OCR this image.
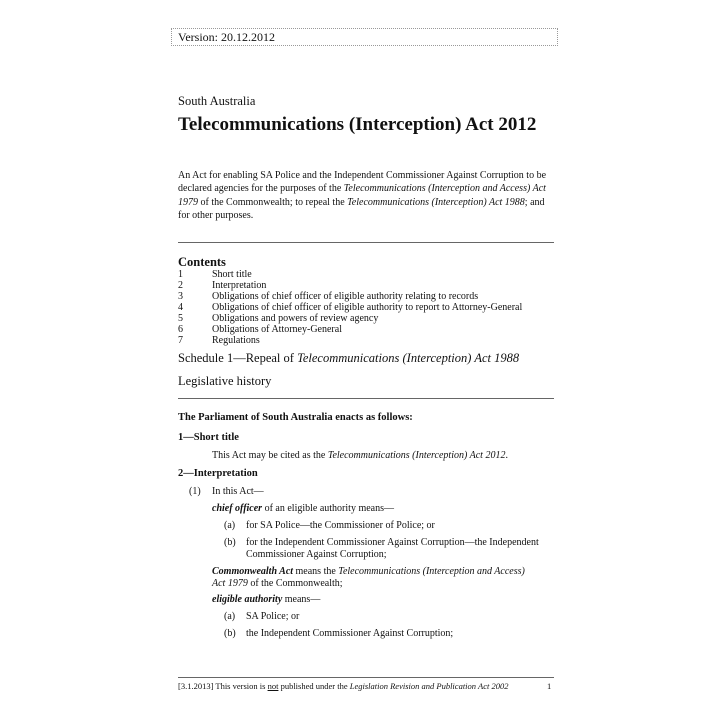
Version: 20.12.2012
South Australia
Telecommunications (Interception) Act 2012
An Act for enabling SA Police and the Independent Commissioner Against Corruption to be declared agencies for the purposes of the Telecommunications (Interception and Access) Act 1979 of the Commonwealth; to repeal the Telecommunications (Interception) Act 1988; and for other purposes.
Contents
1	Short title
2	Interpretation
3	Obligations of chief officer of eligible authority relating to records
4	Obligations of chief officer of eligible authority to report to Attorney-General
5	Obligations and powers of review agency
6	Obligations of Attorney-General
7	Regulations
Schedule 1—Repeal of Telecommunications (Interception) Act 1988
Legislative history
The Parliament of South Australia enacts as follows:
1—Short title
This Act may be cited as the Telecommunications (Interception) Act 2012.
2—Interpretation
(1) In this Act—
chief officer of an eligible authority means—
(a) for SA Police—the Commissioner of Police; or
(b) for the Independent Commissioner Against Corruption—the Independent Commissioner Against Corruption;
Commonwealth Act means the Telecommunications (Interception and Access) Act 1979 of the Commonwealth;
eligible authority means—
(a) SA Police; or
(b) the Independent Commissioner Against Corruption;
[3.1.2013] This version is not published under the Legislation Revision and Publication Act 2002	1
